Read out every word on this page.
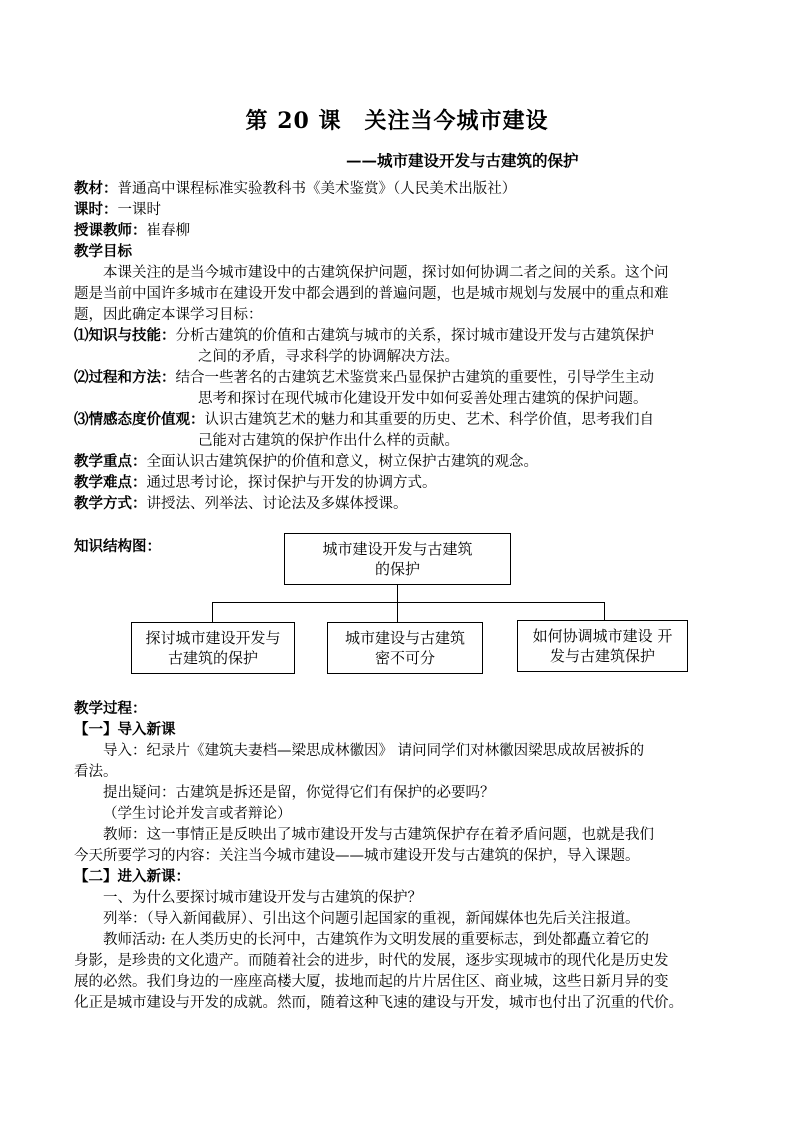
第 20 课　关注当今城市建设
——城市建设开发与古建筑的保护
教材：普通高中课程标准实验教科书《美术鉴赏》（人民美术出版社）
课时：一课时
授课教师：崔春柳
教学目标
本课关注的是当今城市建设中的古建筑保护问题，探讨如何协调二者之间的关系。这个问
题是当前中国许多城市在建设开发中都会遇到的普遍问题，也是城市规划与发展中的重点和难
题，因此确定本课学习目标：
⑴知识与技能：分析古建筑的价值和古建筑与城市的关系，探讨城市建设开发与古建筑保护
之间的矛盾，寻求科学的协调解决方法。
⑵过程和方法：结合一些著名的古建筑艺术鉴赏来凸显保护古建筑的重要性，引导学生主动
思考和探讨在现代城市化建设开发中如何妥善处理古建筑的保护问题。
⑶情感态度价值观：认识古建筑艺术的魅力和其重要的历史、艺术、科学价值，思考我们自
己能对古建筑的保护作出什么样的贡献。
教学重点：全面认识古建筑保护的价值和意义，树立保护古建筑的观念。
教学难点：通过思考讨论，探讨保护与开发的协调方式。
教学方式：讲授法、列举法、讨论法及多媒体授课。
知识结构图：	城市建设开发与古建筑
的保护
探讨城市建设开发与
古建筑的保护
城市建设与古建筑
密不可分
如何协调城市建设 开
发与古建筑保护
教学过程：
【一】导入新课
导入：纪录片《建筑夫妻档—梁思成林徽因》 请问同学们对林徽因梁思成故居被拆的
看法。
提出疑问：古建筑是拆还是留，你觉得它们有保护的必要吗？
（学生讨论并发言或者辩论）
教师：这一事情正是反映出了城市建设开发与古建筑保护存在着矛盾问题，也就是我们
今天所要学习的内容：关注当今城市建设——城市建设开发与古建筑的保护，导入课题。
【二】进入新课：
一、为什么要探讨城市建设开发与古建筑的保护？
列举：（导入新闻截屏）、引出这个问题引起国家的重视，新闻媒体也先后关注报道。
教师活动: 在人类历史的长河中，古建筑作为文明发展的重要标志，到处都矗立着它的
身影，是珍贵的文化遗产。而随着社会的进步，时代的发展，逐步实现城市的现代化是历史发
展的必然。我们身边的一座座高楼大厦，拔地而起的片片居住区、商业城，这些日新月异的变
化正是城市建设与开发的成就。然而，随着这种飞速的建设与开发，城市也付出了沉重的代价。
